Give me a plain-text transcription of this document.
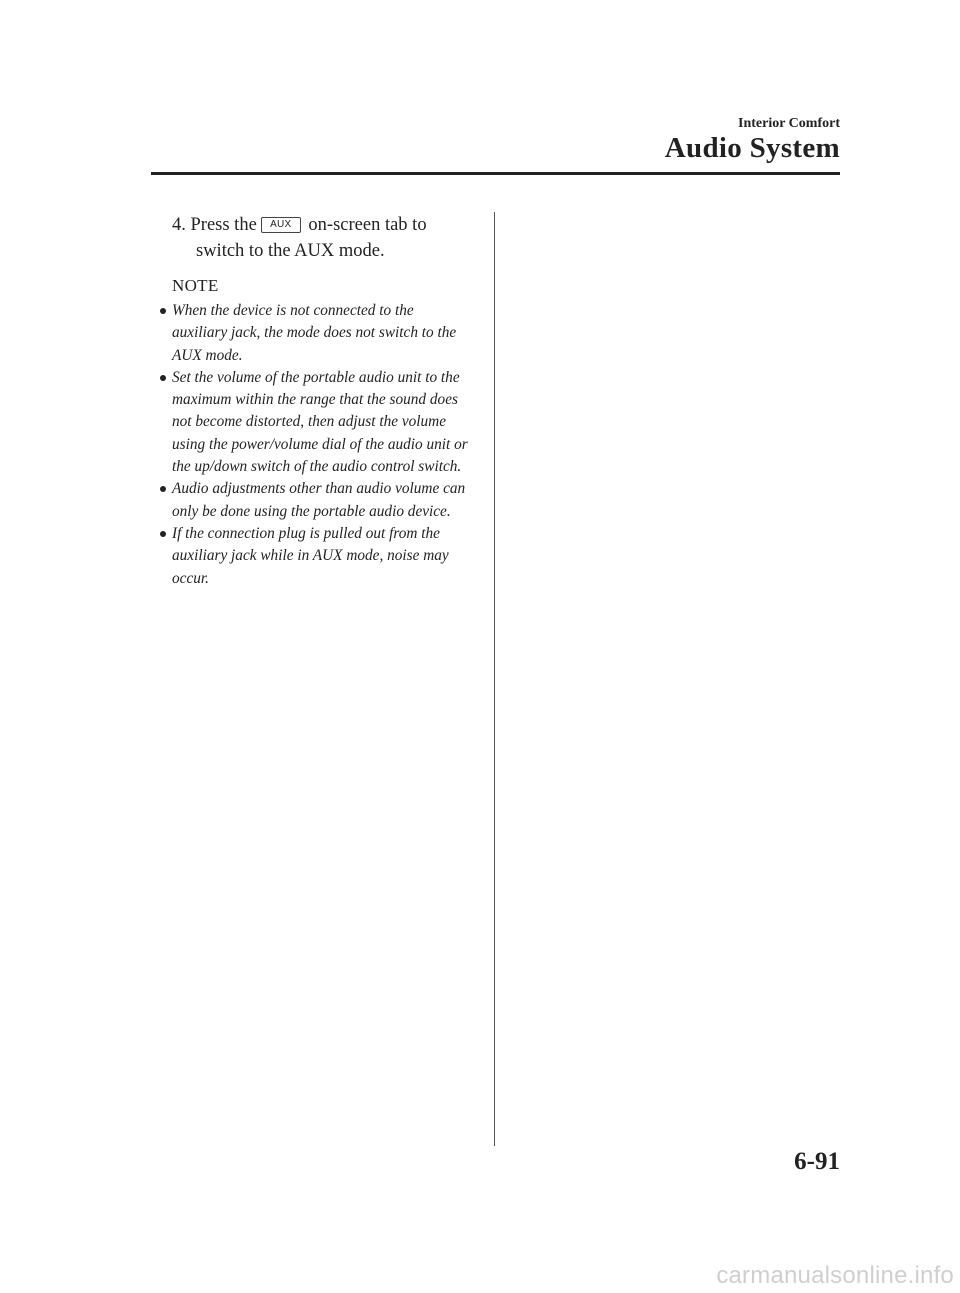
Interior Comfort
Audio System

4. Press the AUX on-screen tab to switch to the AUX mode.

NOTE
When the device is not connected to the auxiliary jack, the mode does not switch to the AUX mode.
Set the volume of the portable audio unit to the maximum within the range that the sound does not become distorted, then adjust the volume using the power/volume dial of the audio unit or the up/down switch of the audio control switch.
Audio adjustments other than audio volume can only be done using the portable audio device.
If the connection plug is pulled out from the auxiliary jack while in AUX mode, noise may occur.
6-91
carmanualsonline.info
